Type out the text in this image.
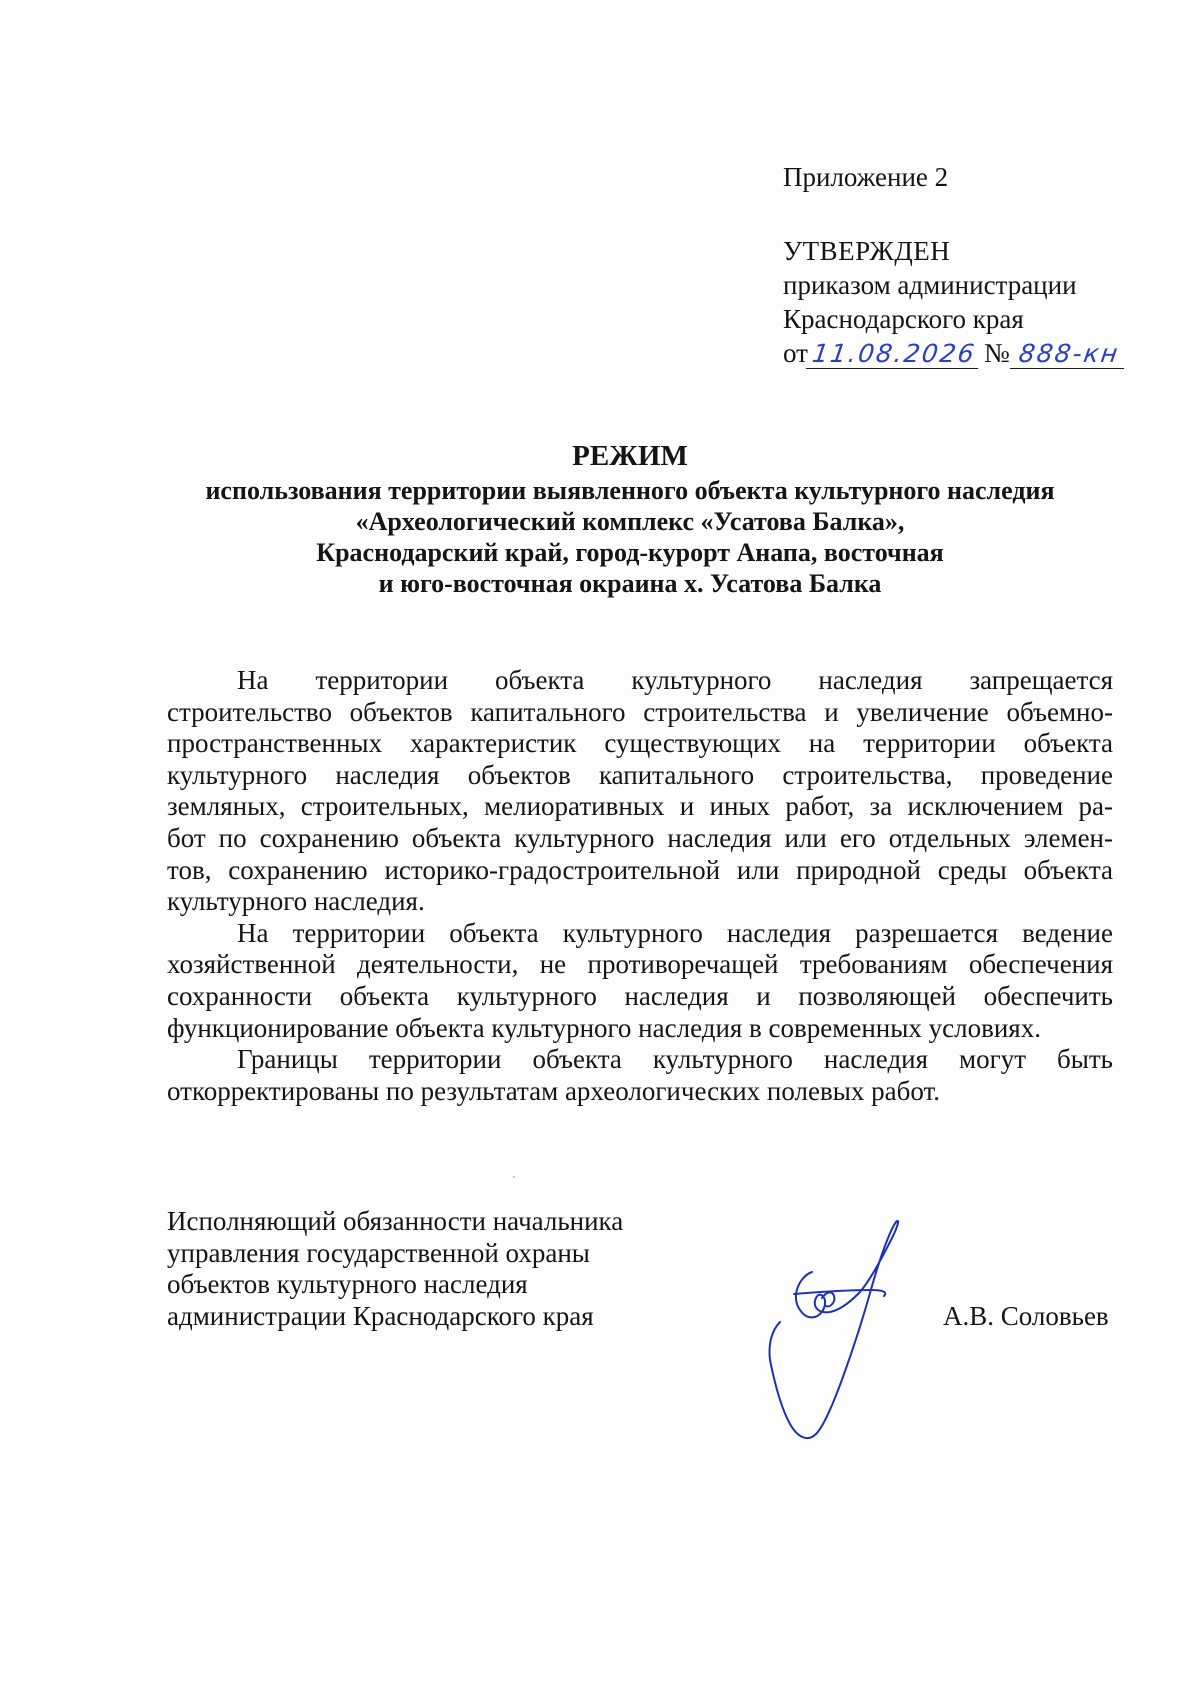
Приложение 2
УТВЕРЖДЕН
приказом администрации
Краснодарского края
от 11.08.2026 № 888-кн
РЕЖИМ
использования территории выявленного объекта культурного наследия
«Археологический комплекс «Усатова Балка»,
Краснодарский край, город-курорт Анапа, восточная
и юго-восточная окраина х. Усатова Балка
На территории объекта культурного наследия запрещается
строительство объектов капитального строительства и увеличение объемно-
пространственных характеристик существующих на территории объекта
культурного наследия объектов капитального строительства, проведение
земляных, строительных, мелиоративных и иных работ, за исключением ра-
бот по сохранению объекта культурного наследия или его отдельных элемен-
тов, сохранению историко-градостроительной или природной среды объекта
культурного наследия.
На территории объекта культурного наследия разрешается ведение
хозяйственной деятельности, не противоречащей требованиям обеспечения
сохранности объекта культурного наследия и позволяющей обеспечить
функционирование объекта культурного наследия в современных условиях.
Границы территории объекта культурного наследия могут быть
откорректированы по результатам археологических полевых работ.
Исполняющий обязанности начальника
управления государственной охраны
объектов культурного наследия
администрации Краснодарского края	А.В. Соловьев
